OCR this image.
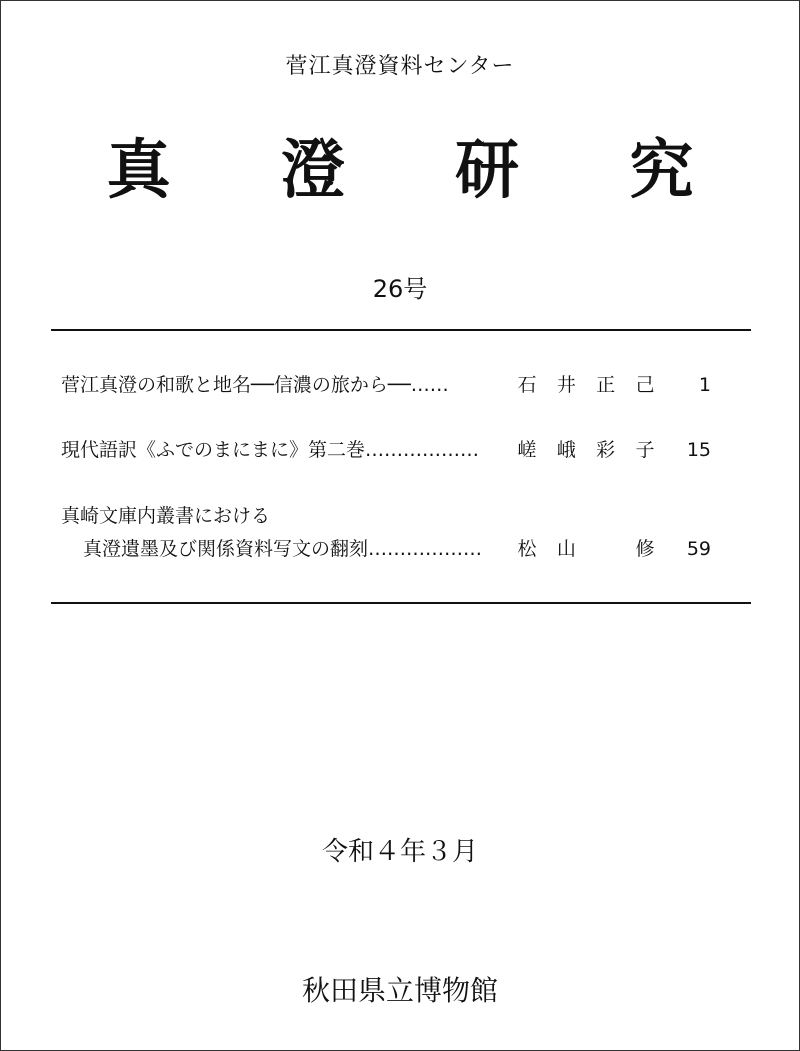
菅江真澄資料センター
真 澄 研 究
26号
菅江真澄の和歌と地名──信濃の旅から──……	石 井 正 己	1
現代語訳《ふでのまにまに》第二巻……………… 嵯 峨 彩 子	15
真崎文庫内叢書における
真澄遺墨及び関係資料写文の翻刻……………… 松 山	修	59
令和４年３月
秋田県立博物館
